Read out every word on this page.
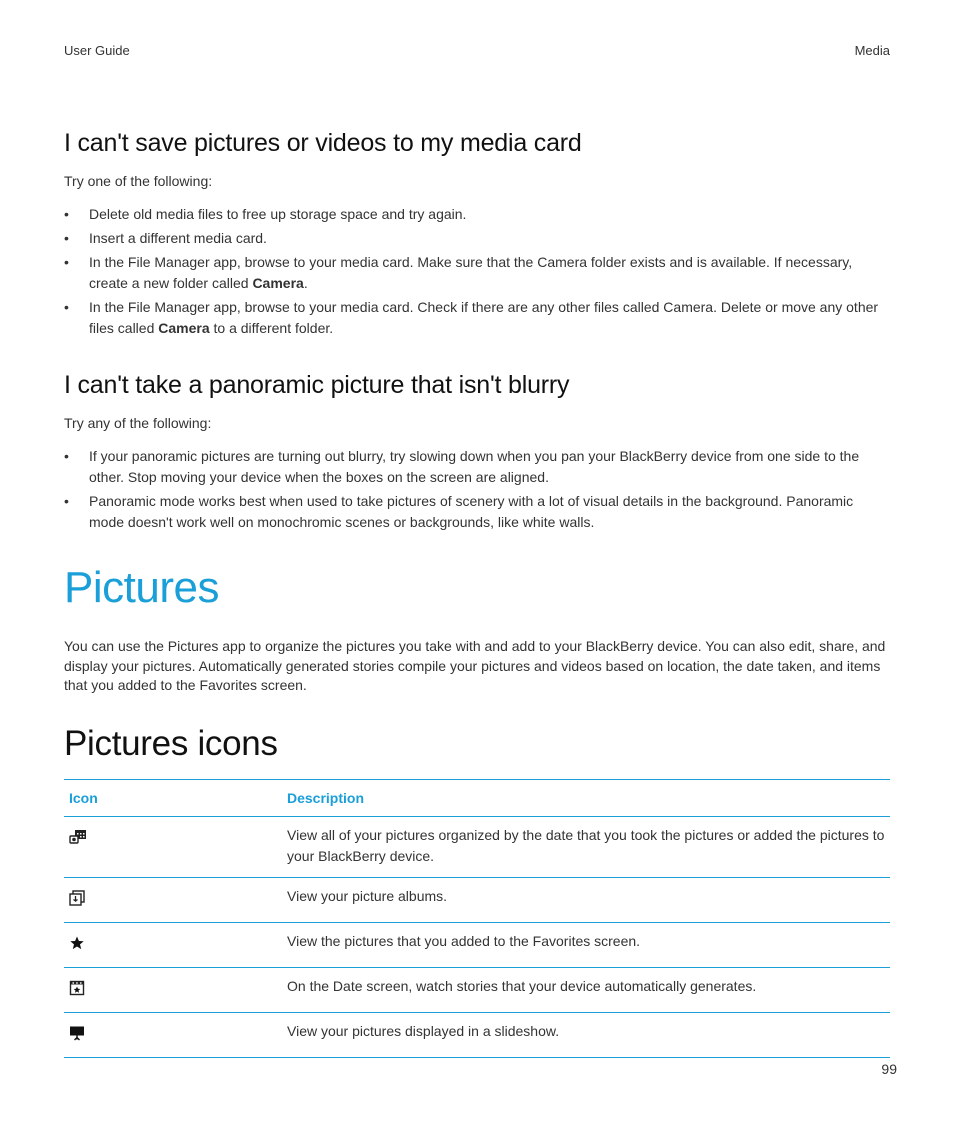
User Guide	Media
I can't save pictures or videos to my media card

Try one of the following:

• Delete old media files to free up storage space and try again.
• Insert a different media card.
• In the File Manager app, browse to your media card. Make sure that the Camera folder exists and is available. If necessary, create a new folder called Camera.
• In the File Manager app, browse to your media card. Check if there are any other files called Camera. Delete or move any other files called Camera to a different folder.
I can't take a panoramic picture that isn't blurry

Try any of the following:

• If your panoramic pictures are turning out blurry, try slowing down when you pan your BlackBerry device from one side to the other. Stop moving your device when the boxes on the screen are aligned.
• Panoramic mode works best when used to take pictures of scenery with a lot of visual details in the background. Panoramic mode doesn't work well on monochromic scenes or backgrounds, like white walls.
Pictures

You can use the Pictures app to organize the pictures you take with and add to your BlackBerry device. You can also edit, share, and display your pictures. Automatically generated stories compile your pictures and videos based on location, the date taken, and items that you added to the Favorites screen.

Pictures icons
Icon	Description
	View all of your pictures organized by the date that you took the pictures or added the pictures to your BlackBerry device.
	View your picture albums.
	View the pictures that you added to the Favorites screen.
	On the Date screen, watch stories that your device automatically generates.
	View your pictures displayed in a slideshow.
99
